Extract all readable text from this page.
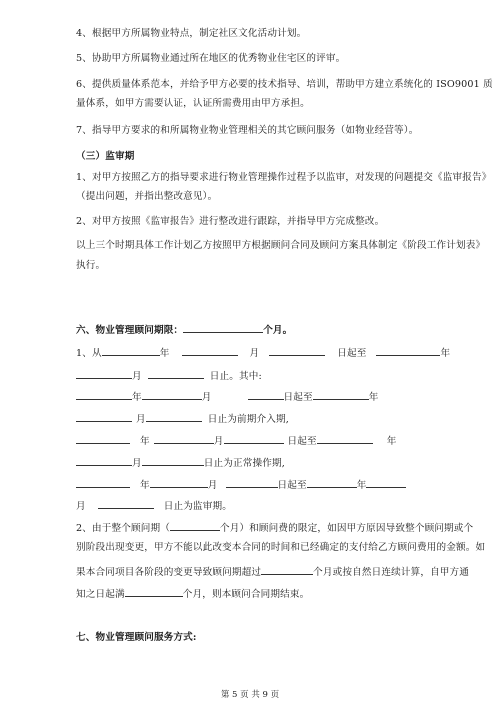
4、根据甲方所属物业特点，制定社区文化活动计划。
5、协助甲方所属物业通过所在地区的优秀物业住宅区的评审。
6、提供质量体系范本，并给予甲方必要的技术指导、培训，帮助甲方建立系统化的 ISO9001 质
量体系，如甲方需要认证，认证所需费用由甲方承担。
7、指导甲方要求的和所属物业物业管理相关的其它顾问服务（如物业经营等）。
（三）监审期
1、对甲方按照乙方的指导要求进行物业管理操作过程予以监审，对发现的问题提交《监审报告》
（提出问题，并指出整改意见）。
2、对甲方按照《监审报告》进行整改进行跟踪，并指导甲方完成整改。
以上三个时期具体工作计划乙方按照甲方根据顾问合同及顾问方案具体制定《阶段工作计划表》
执行。
六、物业管理顾问期限：	个月。
1、从	年	月	日起至	年
月	日止。其中:
年	月	日起至	年
月	日止为前期介入期,
年	月	日起至	年
月	日止为正常操作期,
年	月	日起至	年
月	日止为监审期。
2、由于整个顾问期（	个月）和顾问费的限定，如因甲方原因导致整个顾问期或个
别阶段出现变更，甲方不能以此改变本合同的时间和已经确定的支付给乙方顾问费用的金额。如
果本合同项目各阶段的变更导致顾问期超过	个月或按自然日连续计算，自甲方通
知之日起满	个月，则本顾问合同期结束。
七、物业管理顾问服务方式:
第 5 页 共 9 页
